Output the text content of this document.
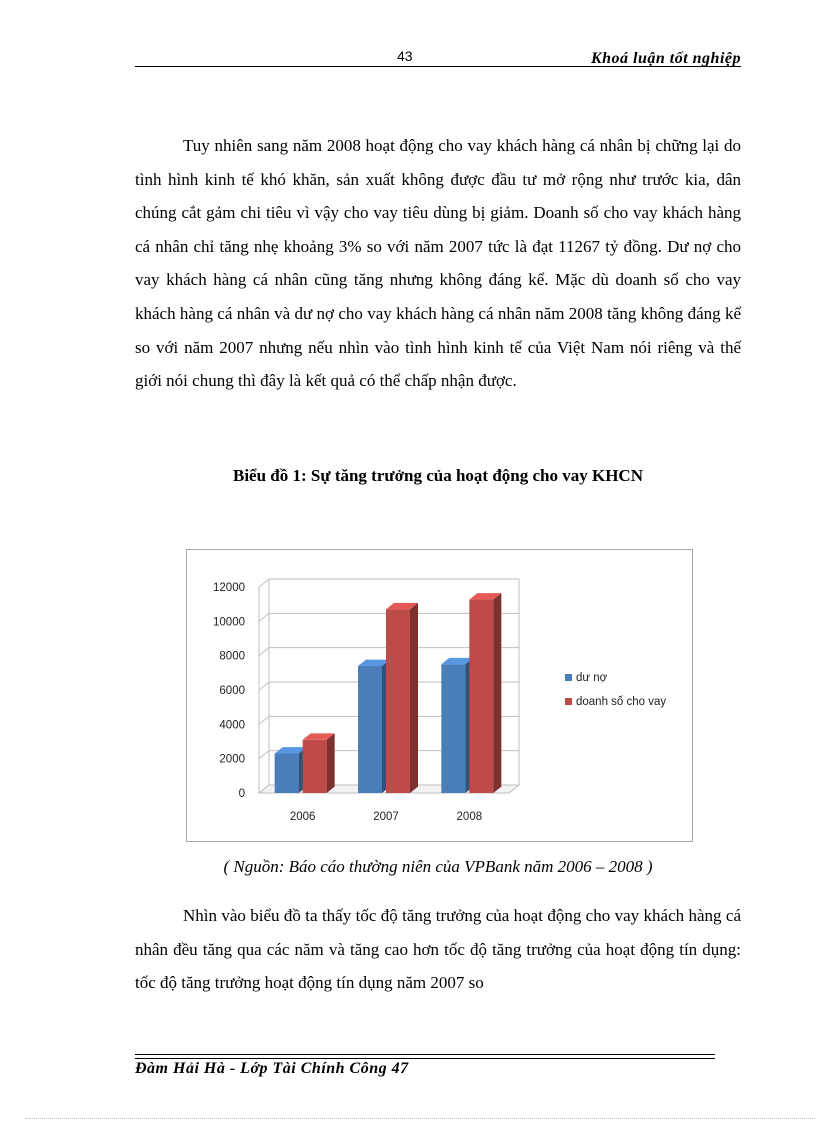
43	Khoá luận tốt nghiệp

Tuy nhiên sang năm 2008 hoạt động cho vay khách hàng cá nhân bị chững lại do tình hình kinh tế khó khăn, sản xuất không được đầu tư mở rộng như trước kia, dân chúng cắt gảm chi tiêu vì vậy cho vay tiêu dùng bị giảm. Doanh số cho vay khách hàng cá nhân chỉ tăng nhẹ khoảng 3% so với năm 2007 tức là đạt 11267 tỷ đồng. Dư nợ cho vay khách hàng cá nhân cũng tăng nhưng không đáng kể. Mặc dù doanh số cho vay khách hàng cá nhân và dư nợ cho vay khách hàng cá nhân năm 2008 tăng không đáng kể so với năm 2007 nhưng nếu nhìn vào tình hình kinh tế của Việt Nam nói riêng và thế giới nói chung thì đây là kết quả có thể chấp nhận được.

Biểu đồ 1: Sự tăng trưởng của hoạt động cho vay KHCN

0
2000
4000
6000
8000
10000
12000
2006	2007	2008
dư nợ
doanh số cho vay

( Nguồn: Báo cáo thường niên của VPBank năm 2006 – 2008 )

Nhìn vào biểu đồ ta thấy tốc độ tăng trưởng của hoạt động cho vay khách hàng cá nhân đều tăng qua các năm và tăng cao hơn tốc độ tăng trưởng của hoạt động tín dụng: tốc độ tăng trưởng hoạt động tín dụng năm 2007 so

Đàm Hải Hà - Lớp Tài Chính Công 47
